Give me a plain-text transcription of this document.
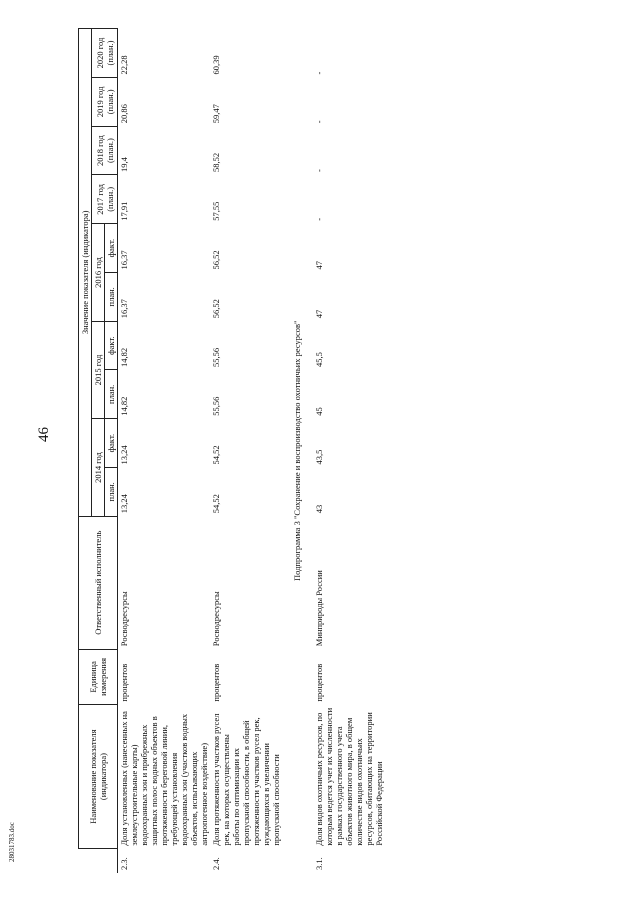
46
28031783.doc
	Наименование показателя (индикатора)	Единица измерения	Ответственный исполнитель	Значение показателя (индикатора)									
				2014 год		2015 год		2016 год		2017 год (план.)	2018 год (план.)	2019 год (план.)	2020 год (план.)
				план.	факт.	план.	факт.	план.	факт.				
2.3.	Доля установленных (нанесенных на землеустроительные карты) водоохранных зон и прибрежных защитных полос водных объектов в протяженности береговой линии, требующей установления водоохранных зон (участков водных объектов, испытывающих антропогенное воздействие)	процентов	Росводресурсы	13,24	13,24	14,82	14,82	16,37	16,37	17,91	19,4	20,86	22,28
2.4.	Доля протяженности участков русел рек, на которых осуществлены работы по оптимизации их пропускной способности, в общей протяженности участков русел рек, нуждающихся в увеличении пропускной способности	процентов	Росводресурсы	54,52	54,52	55,56	55,56	56,52	56,52	57,55	58,52	59,47	60,39
Подпрограмма 3 "Сохранение и воспроизводство охотничьих ресурсов"													
3.1.	Доля видов охотничьих ресурсов, по которым ведется учет их численности в рамках государственного учета объектов животного мира, в общем количестве видов охотничьих ресурсов, обитающих на территории Российской Федерации	процентов	Минприроды России	43	43,5	45	45,5	47	47	-	-	-	-
